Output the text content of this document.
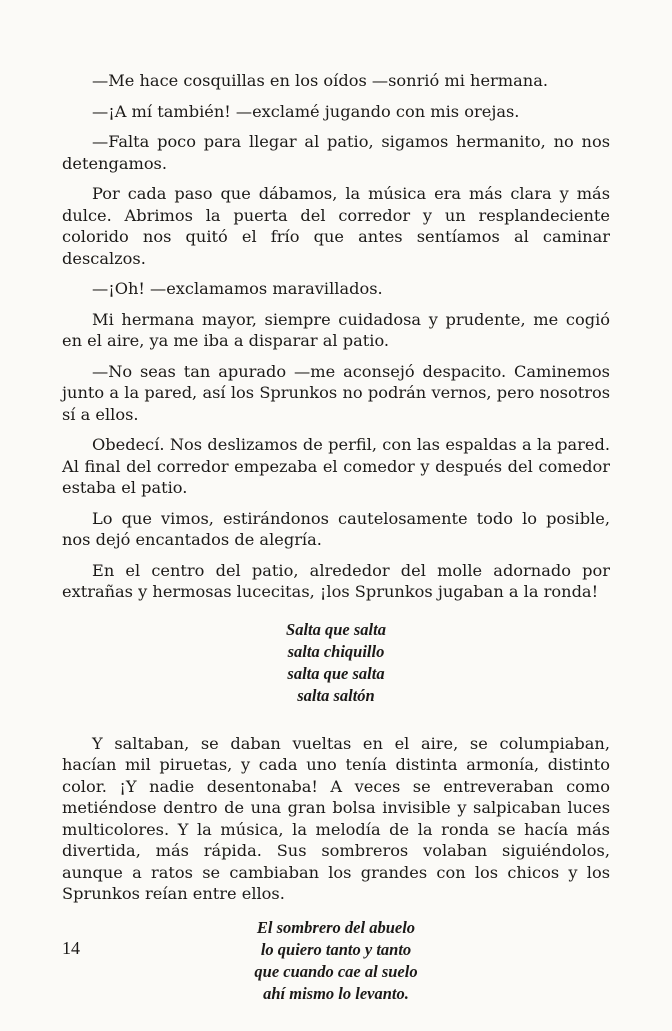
—Me hace cosquillas en los oídos —sonrió mi hermana.

—¡A mí también! —exclamé jugando con mis orejas.

—Falta poco para llegar al patio, sigamos hermanito, no nos detengamos.

Por cada paso que dábamos, la música era más clara y más dulce. Abrimos la puerta del corredor y un resplandeciente colorido nos quitó el frío que antes sentíamos al caminar descalzos.

—¡Oh! —exclamamos maravillados.

Mi hermana mayor, siempre cuidadosa y prudente, me cogió en el aire, ya me iba a disparar al patio.

—No seas tan apurado —me aconsejó despacito. Caminemos junto a la pared, así los Sprunkos no podrán vernos, pero nosotros sí a ellos.

Obedecí. Nos deslizamos de perfil, con las espaldas a la pared. Al final del corredor empezaba el comedor y después del comedor estaba el patio.

Lo que vimos, estirándonos cautelosamente todo lo posible, nos dejó encantados de alegría.

En el centro del patio, alrededor del molle adornado por extrañas y hermosas lucecitas, ¡los Sprunkos jugaban a la ronda!

Salta que salta
salta chiquillo
salta que salta
salta saltón

Y saltaban, se daban vueltas en el aire, se columpiaban, hacían mil piruetas, y cada uno tenía distinta armonía, distinto color. ¡Y nadie desentonaba! A veces se entreveraban como metiéndose dentro de una gran bolsa invisible y salpicaban luces multicolores. Y la música, la melodía de la ronda se hacía más divertida, más rápida. Sus sombreros volaban siguiéndolos, aunque a ratos se cambiaban los grandes con los chicos y los Sprunkos reían entre ellos.

El sombrero del abuelo
lo quiero tanto y tanto
que cuando cae al suelo
ahí mismo lo levanto.
14
